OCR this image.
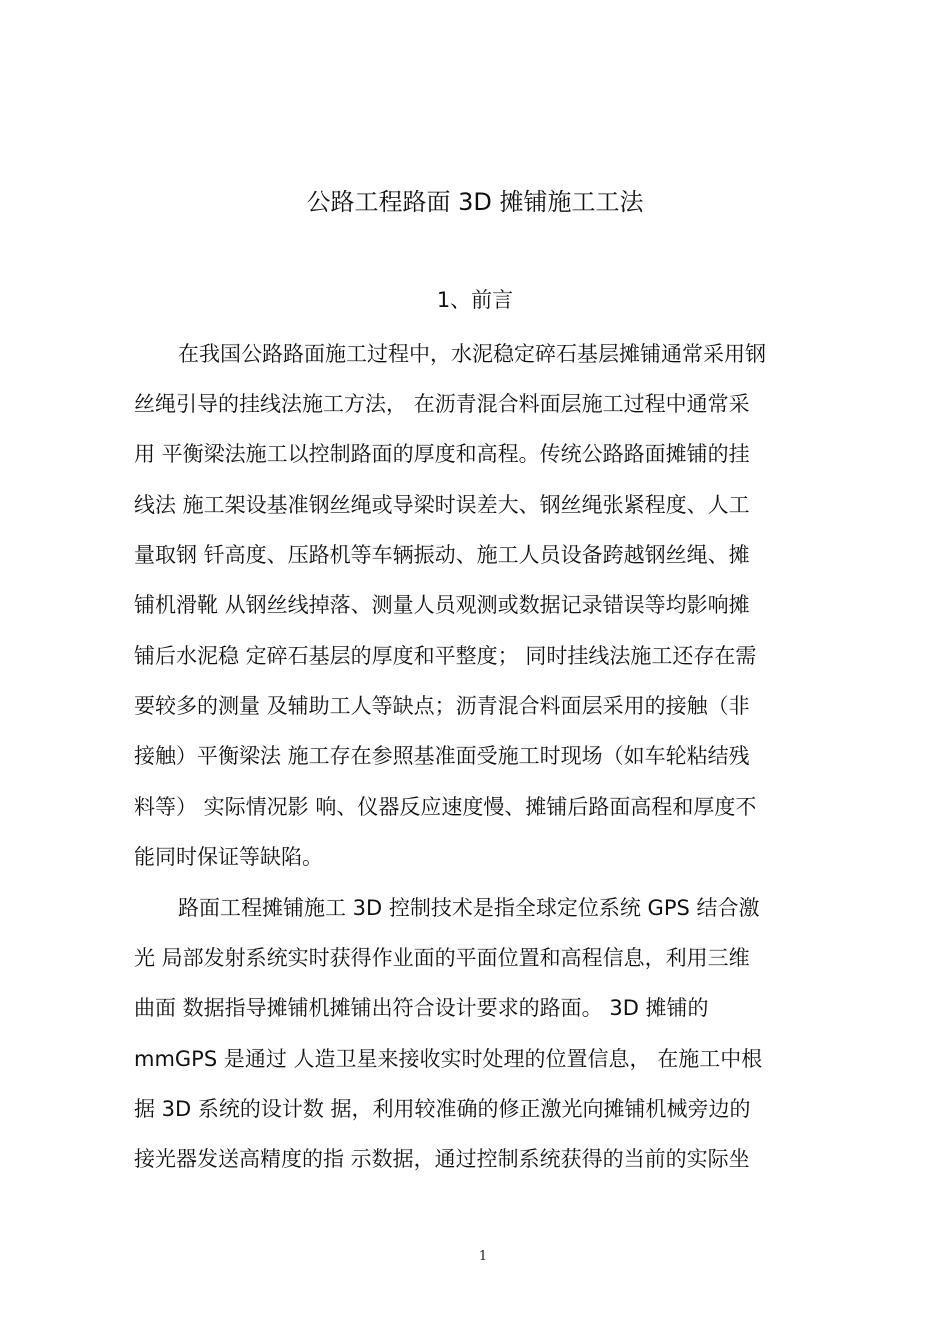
公路工程路面 3D 摊铺施工工法
1、前言
在我国公路路面施工过程中，水泥稳定碎石基层摊铺通常采用钢
丝绳引导的挂线法施工方法， 在沥青混合料面层施工过程中通常采
用 平衡梁法施工以控制路面的厚度和高程。传统公路路面摊铺的挂
线法 施工架设基准钢丝绳或导梁时误差大、钢丝绳张紧程度、人工
量取钢 钎高度、压路机等车辆振动、施工人员设备跨越钢丝绳、摊
铺机滑靴 从钢丝线掉落、测量人员观测或数据记录错误等均影响摊
铺后水泥稳 定碎石基层的厚度和平整度； 同时挂线法施工还存在需
要较多的测量 及辅助工人等缺点；沥青混合料面层采用的接触（非
接触）平衡梁法 施工存在参照基准面受施工时现场（如车轮粘结残
料等） 实际情况影 响、仪器反应速度慢、摊铺后路面高程和厚度不
能同时保证等缺陷。
路面工程摊铺施工 3D 控制技术是指全球定位系统 GPS 结合激
光 局部发射系统实时获得作业面的平面位置和高程信息，利用三维
曲面 数据指导摊铺机摊铺出符合设计要求的路面。 3D 摊铺的
mmGPS 是通过 人造卫星来接收实时处理的位置信息， 在施工中根
据 3D 系统的设计数 据，利用较准确的修正激光向摊铺机械旁边的
接光器发送高精度的指 示数据，通过控制系统获得的当前的实际坐
1
